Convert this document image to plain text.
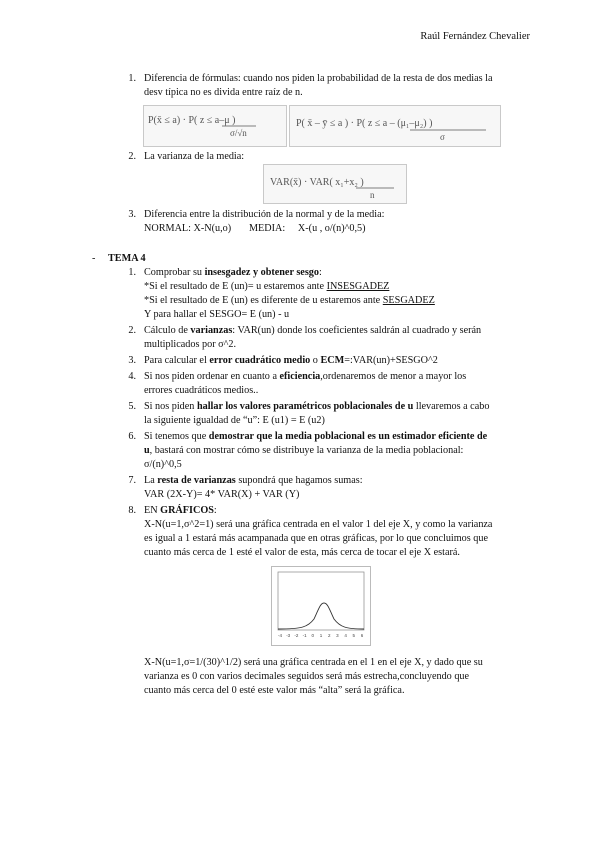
Raúl Fernández Chevalier
1. Diferencia de fórmulas: cuando nos piden la probabilidad de la resta de dos medias la
desv típica no es divida entre raíz de n.
P(x̄ ≤ a) · P( z ≤ a–μ )
σ/√n
P( x̄ – ȳ ≤ a ) · P( z ≤ a – (μ₁–μ₂) )
σ
2. La varianza de la media:
VAR(x̄) · VAR( x₁+x₂ )
n
3. Diferencia entre la distribución de la normal y de la media:
NORMAL: X-N(u,o)       MEDIA:     X-(u , o/(n)^0,5)
- TEMA 4
1. Comprobar su insesgadez y obtener sesgo:
*Si el resultado de E (un)= u estaremos ante INSESGADEZ
*Si el resultado de E (un) es diferente de u estaremos ante SESGADEZ
Y para hallar el SESGO= E (un) - u
2. Cálculo de varianzas: VAR(un) donde los coeficientes saldrán al cuadrado y serán
multiplicados por σ^2.
3. Para calcular el error cuadrático medio o ECM=:VAR(un)+SESGO^2
4. Si nos piden ordenar en cuanto a eficiencia,ordenaremos de menor a mayor los
errores cuadráticos medios..
5. Si nos piden hallar los valores paramétricos poblacionales de u llevaremos a cabo
la siguiente igualdad de “u”: E (u1) = E (u2)
6. Si tenemos que demostrar que la media poblacional es un estimador eficiente de
u, bastará con mostrar cómo se distribuye la varianza de la media poblacional:
σ/(n)^0,5
7. La resta de varianzas supondrá que hagamos sumas:
VAR (2X-Y)= 4* VAR(X) + VAR (Y)
8. EN GRÁFICOS:
X-N(u=1,σ^2=1) será una gráfica centrada en el valor 1 del eje X, y como la varianza
es igual a 1 estará más acampanada que en otras gráficas, por lo que concluimos que
cuanto más cerca de 1 esté el valor de esta, más cerca de tocar el eje X estará.
-4 -3 -2 -1 0 1 2 3 4 5 6
X-N(u=1,σ=1/(30)^1/2) será una gráfica centrada en el 1 en el eje X, y dado que su
varianza es 0 con varios decimales seguidos será más estrecha,concluyendo que
cuanto más cerca del 0 esté este valor más “alta” será la gráfica.
